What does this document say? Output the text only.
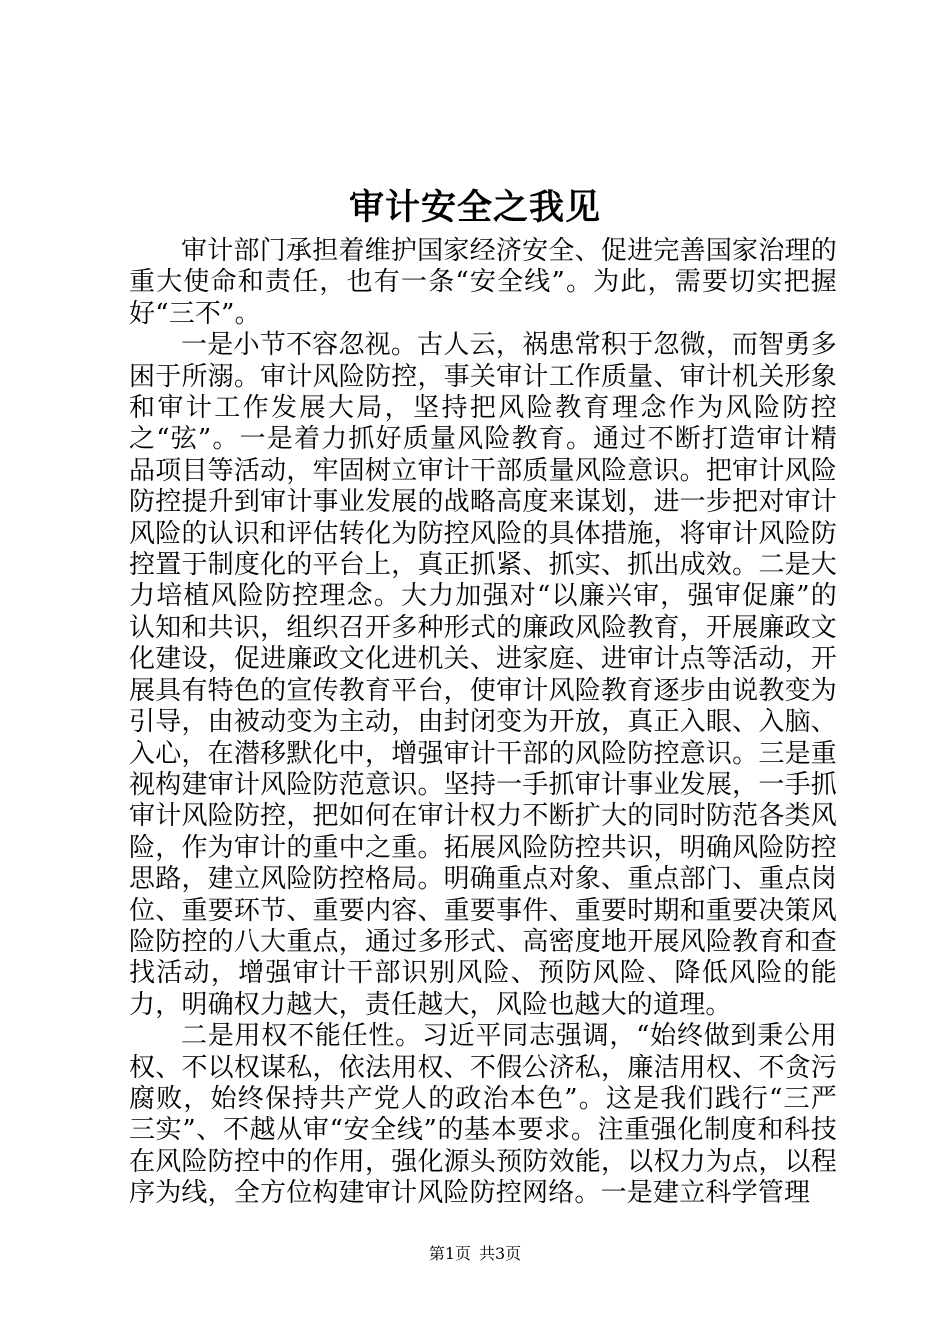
审计安全之我见

审计部门承担着维护国家经济安全、促进完善国家治理的重大使命和责任，也有一条“安全线”。为此，需要切实把握好“三不”。

一是小节不容忽视。古人云，祸患常积于忽微，而智勇多困于所溺。审计风险防控，事关审计工作质量、审计机关形象和审计工作发展大局，坚持把风险教育理念作为风险防控之“弦”。一是着力抓好质量风险教育。通过不断打造审计精品项目等活动，牢固树立审计干部质量风险意识。把审计风险防控提升到审计事业发展的战略高度来谋划，进一步把对审计风险的认识和评估转化为防控风险的具体措施，将审计风险防控置于制度化的平台上，真正抓紧、抓实、抓出成效。二是大力培植风险防控理念。大力加强对“以廉兴审，强审促廉”的认知和共识，组织召开多种形式的廉政风险教育，开展廉政文化建设，促进廉政文化进机关、进家庭、进审计点等活动，开展具有特色的宣传教育平台，使审计风险教育逐步由说教变为引导，由被动变为主动，由封闭变为开放，真正入眼、入脑、入心，在潜移默化中，增强审计干部的风险防控意识。三是重视构建审计风险防范意识。坚持一手抓审计事业发展，一手抓审计风险防控，把如何在审计权力不断扩大的同时防范各类风险，作为审计的重中之重。拓展风险防控共识，明确风险防控思路，建立风险防控格局。明确重点对象、重点部门、重点岗位、重要环节、重要内容、重要事件、重要时期和重要决策风险防控的八大重点，通过多形式、高密度地开展风险教育和查找活动，增强审计干部识别风险、预防风险、降低风险的能力，明确权力越大，责任越大，风险也越大的道理。

二是用权不能任性。习近平同志强调，“始终做到秉公用权、不以权谋私，依法用权、不假公济私，廉洁用权、不贪污腐败，始终保持共产党人的政治本色”。这是我们践行“三严三实”、不越从审“安全线”的基本要求。注重强化制度和科技在风险防控中的作用，强化源头预防效能，以权力为点，以程序为线，全方位构建审计风险防控网络。一是建立科学管理

第1页 共3页
